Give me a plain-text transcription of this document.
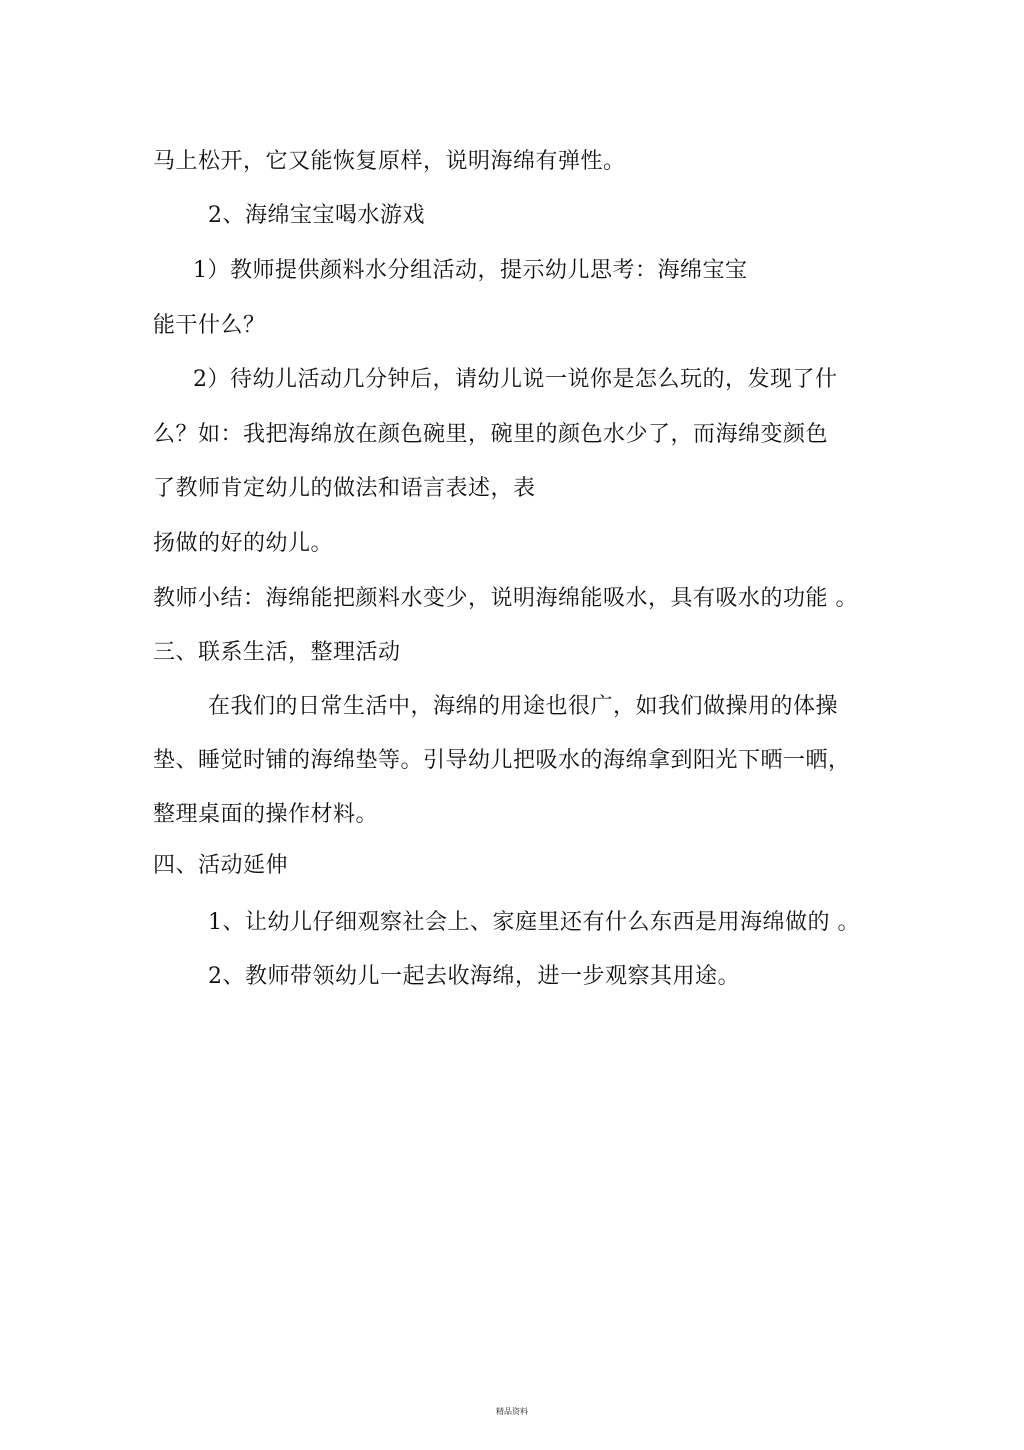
马上松开，它又能恢复原样，说明海绵有弹性。
2、海绵宝宝喝水游戏
1）教师提供颜料水分组活动，提示幼儿思考：海绵宝宝
能干什么？
2）待幼儿活动几分钟后，请幼儿说一说你是怎么玩的，发现了什
么？如：我把海绵放在颜色碗里，碗里的颜色水少了，而海绵变颜色
了教师肯定幼儿的做法和语言表述，表
扬做的好的幼儿。
教师小结：海绵能把颜料水变少，说明海绵能吸水，具有吸水的功能 。
三、联系生活，整理活动
在我们的日常生活中，海绵的用途也很广，如我们做操用的体操
垫、睡觉时铺的海绵垫等。引导幼儿把吸水的海绵拿到阳光下晒一晒，
整理桌面的操作材料。
四、活动延伸
1、让幼儿仔细观察社会上、家庭里还有什么东西是用海绵做的 。
2、教师带领幼儿一起去收海绵，进一步观察其用途。
精品资料
